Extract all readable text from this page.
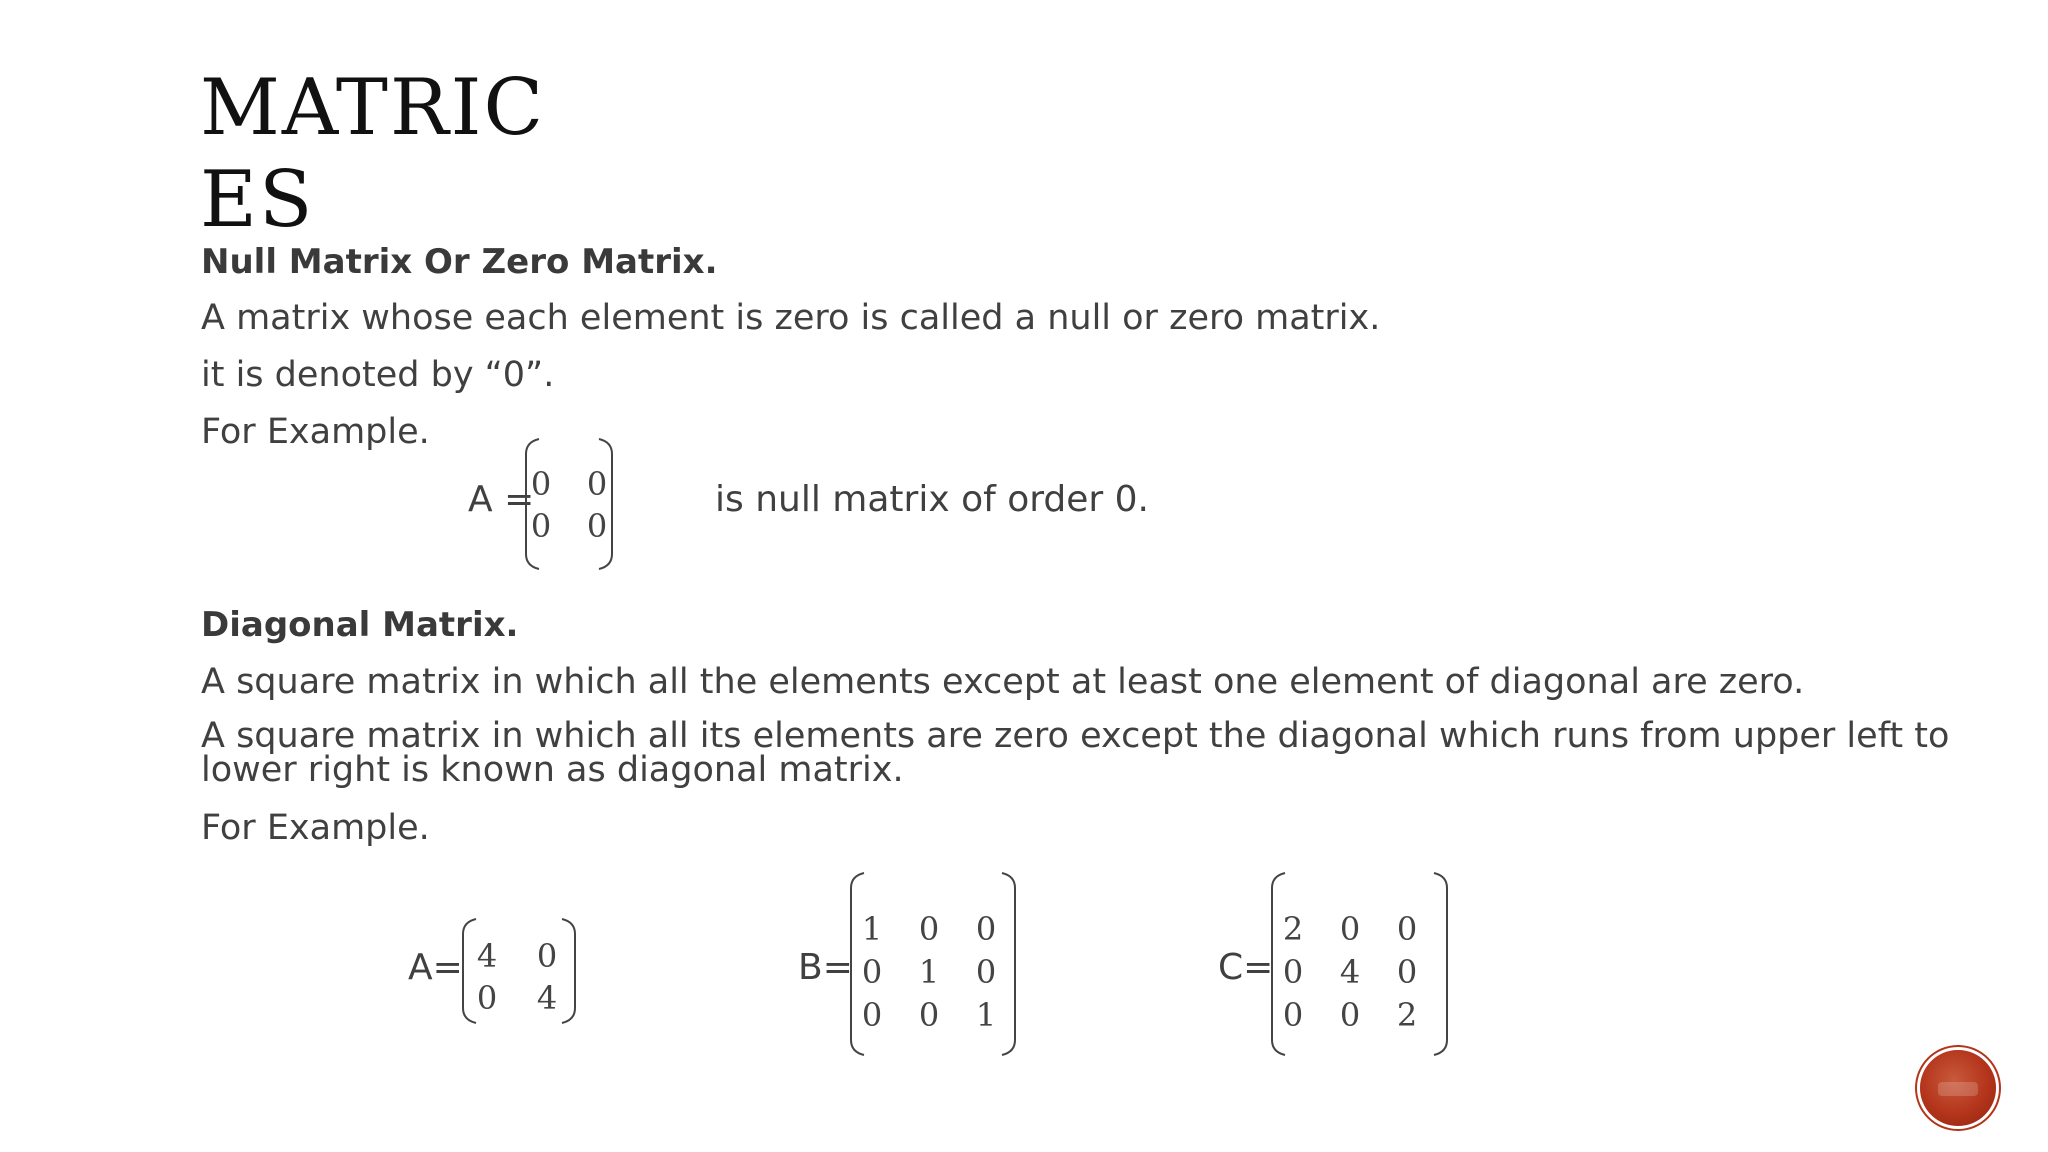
MATRICES

Null Matrix Or Zero Matrix.

A matrix whose each element is zero is called a null or zero matrix.

it is denoted by “0”.

For Example.

A =
0	0
0	0
is null matrix of order 0.

Diagonal Matrix.

A square matrix in which all the elements except at least one element of diagonal are zero.

A square matrix in which all its elements are zero except the diagonal which runs from upper left to lower right is known as diagonal matrix.

For Example.

A= 4	0
0	4
B=
1	0	0
0	1	0
0	0	1
C=
2	0	0
0	4	0
0	0	2
